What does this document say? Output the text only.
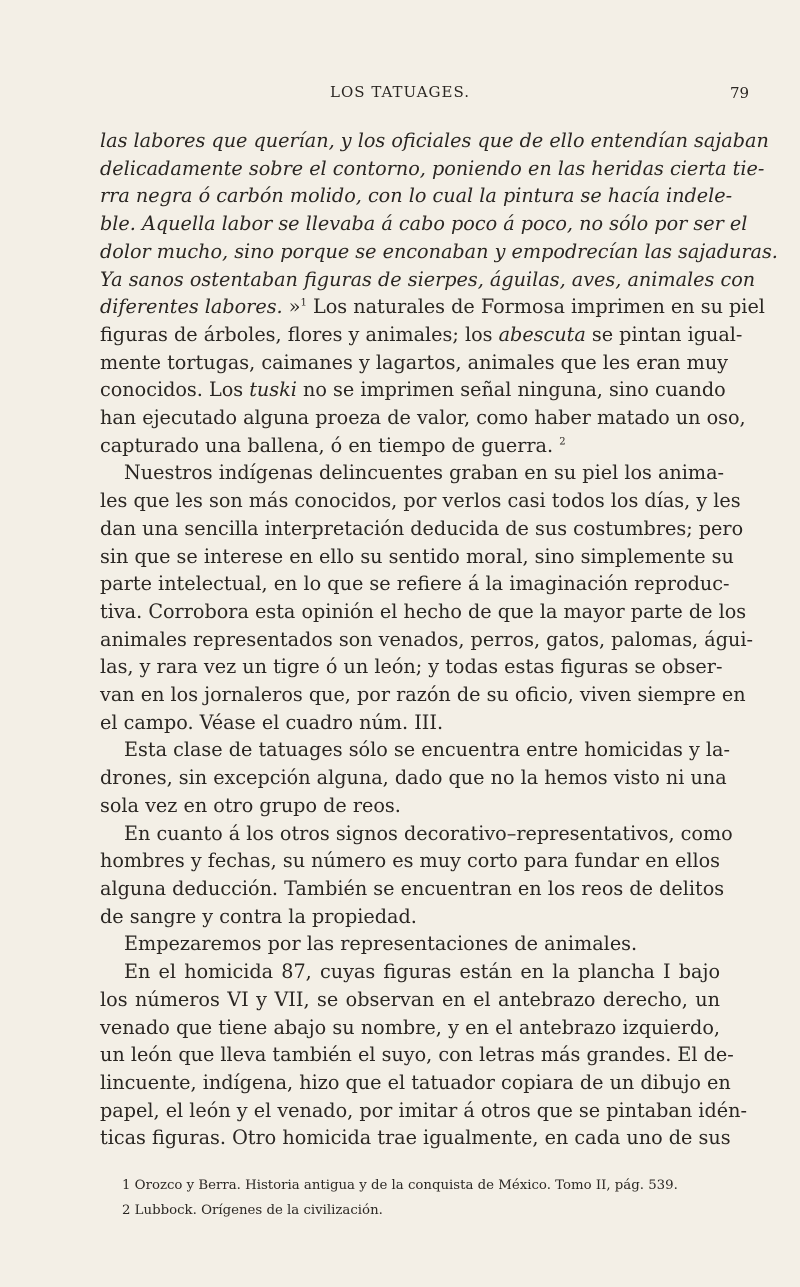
LOS TATUAGES.	79
las labores que querían, y los oficiales que de ello entendían sajaban
delicadamente sobre el contorno, poniendo en las heridas cierta tie-
rra negra ó carbón molido, con lo cual la pintura se hacía indele-
ble. Aquella labor se llevaba á cabo poco á poco, no sólo por ser el
dolor mucho, sino porque se enconaban y empodrecían las sajaduras.
Ya sanos ostentaban figuras de sierpes, águilas, aves, animales con
diferentes labores. »$^1$ Los naturales de Formosa imprimen en su piel
figuras de árboles, flores y animales; los abescuta se pintan igual-
mente tortugas, caimanes y lagartos, animales que les eran muy
conocidos. Los tuski no se imprimen señal ninguna, sino cuando
han ejecutado alguna proeza de valor, como haber matado un oso,
capturado una ballena, ó en tiempo de guerra. $^2$
Nuestros indígenas delincuentes graban en su piel los anima-
les que les son más conocidos, por verlos casi todos los días, y les
dan una sencilla interpretación deducida de sus costumbres; pero
sin que se interese en ello su sentido moral, sino simplemente su
parte intelectual, en lo que se refiere á la imaginación reproduc-
tiva. Corrobora esta opinión el hecho de que la mayor parte de los
animales representados son venados, perros, gatos, palomas, águi-
las, y rara vez un tigre ó un león; y todas estas figuras se obser-
van en los jornaleros que, por razón de su oficio, viven siempre en
el campo. Véase el cuadro núm. III.
Esta clase de tatuages sólo se encuentra entre homicidas y la-
drones, sin excepción alguna, dado que no la hemos visto ni una
sola vez en otro grupo de reos.
En cuanto á los otros signos decorativo–representativos, como
hombres y fechas, su número es muy corto para fundar en ellos
alguna deducción. También se encuentran en los reos de delitos
de sangre y contra la propiedad.
Empezaremos por las representaciones de animales.
En el homicida 87, cuyas figuras están en la plancha I bajo
los números VI y VII, se observan en el antebrazo derecho, un
venado que tiene abajo su nombre, y en el antebrazo izquierdo,
un león que lleva también el suyo, con letras más grandes. El de-
lincuente, indígena, hizo que el tatuador copiara de un dibujo en
papel, el león y el venado, por imitar á otros que se pintaban idén-
ticas figuras. Otro homicida trae igualmente, en cada uno de sus
1 Orozco y Berra. Historia antigua y de la conquista de México. Tomo II, pág. 539.
2 Lubbock. Orígenes de la civilización.
